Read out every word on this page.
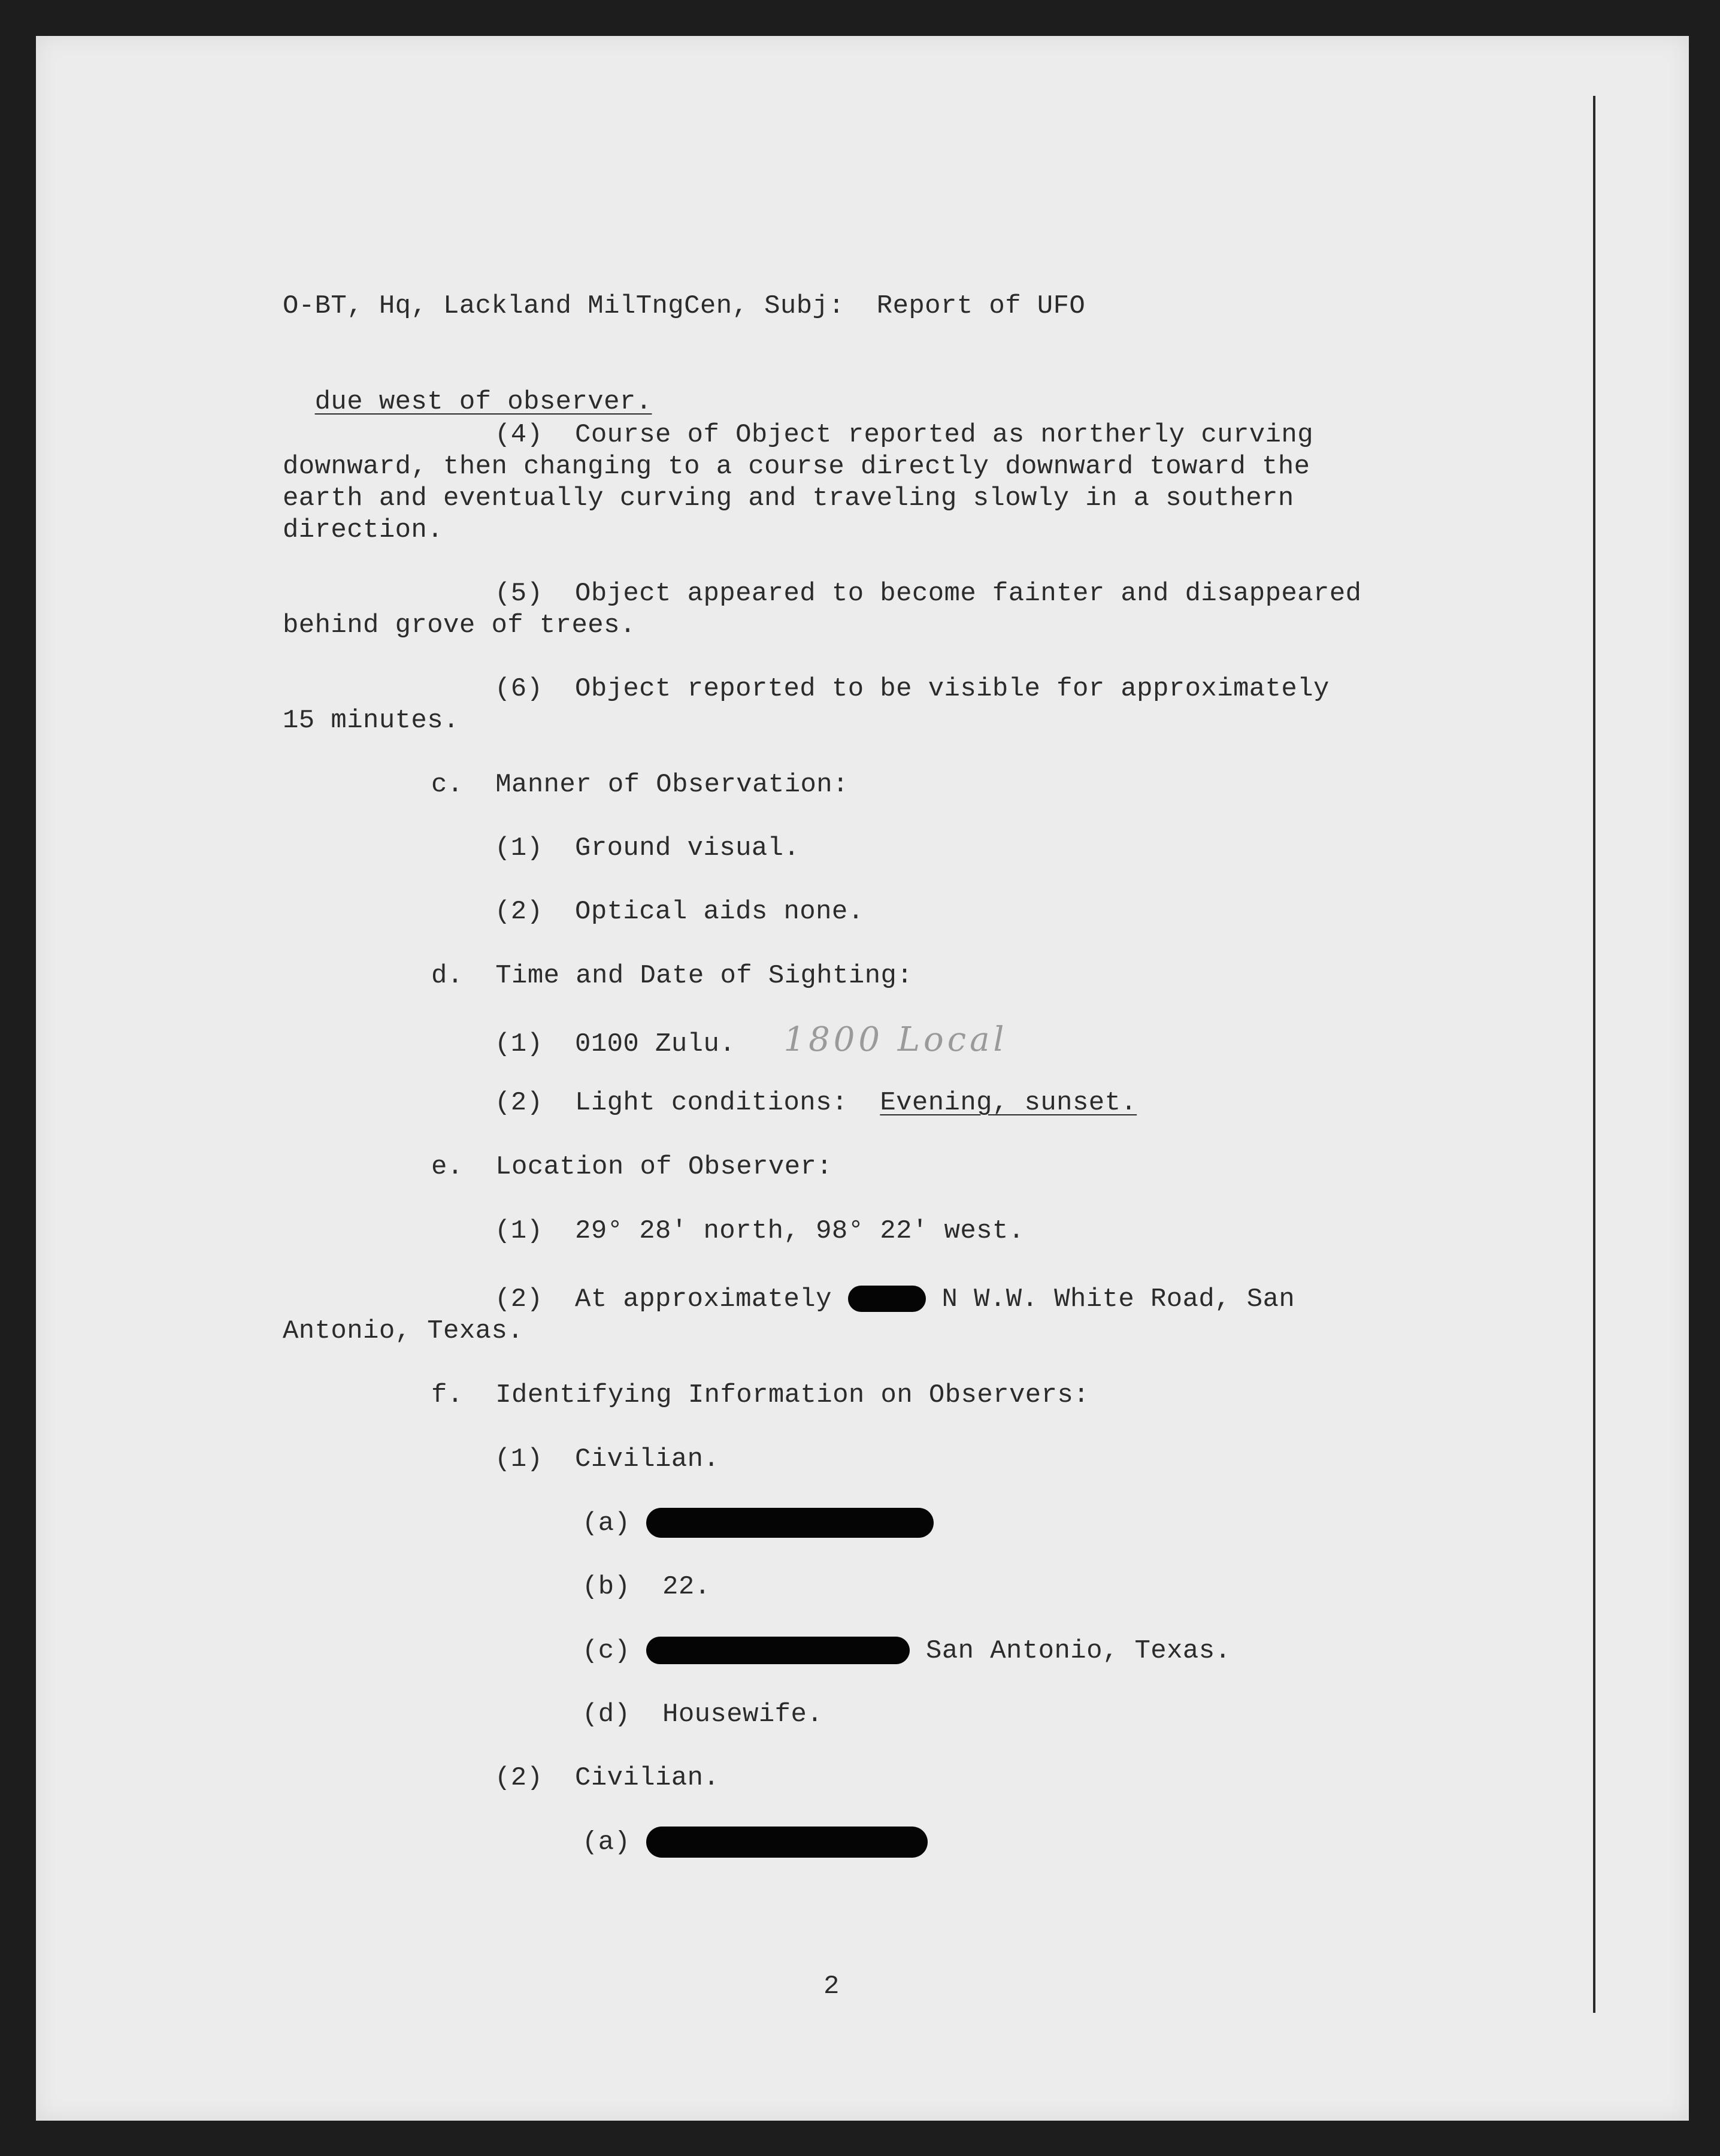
O-BT, Hq, Lackland MilTngCen, Subj:  Report of UFO

due west of observer.

(4)  Course of Object reported as northerly curving
downward, then changing to a course directly downward toward the
earth and eventually curving and traveling slowly in a southern
direction.
(5)  Object appeared to become fainter and disappeared
behind grove of trees.
(6)  Object reported to be visible for approximately
15 minutes.
c.  Manner of Observation:
(1)  Ground visual.
(2)  Optical aids none.
d.  Time and Date of Sighting:
(1)  0100 Zulu. 1800 Local
(2)  Light conditions:  Evening, sunset.
e.  Location of Observer:
(1)  29° 28' north, 98° 22' west.
(2)  At approximately	N W.W. White Road, San
Antonio, Texas.
f.  Identifying Information on Observers:
(1)  Civilian.
(a)
(b)  22.
(c)	San Antonio, Texas.
(d)  Housewife.
(2)  Civilian.
(a)
2
